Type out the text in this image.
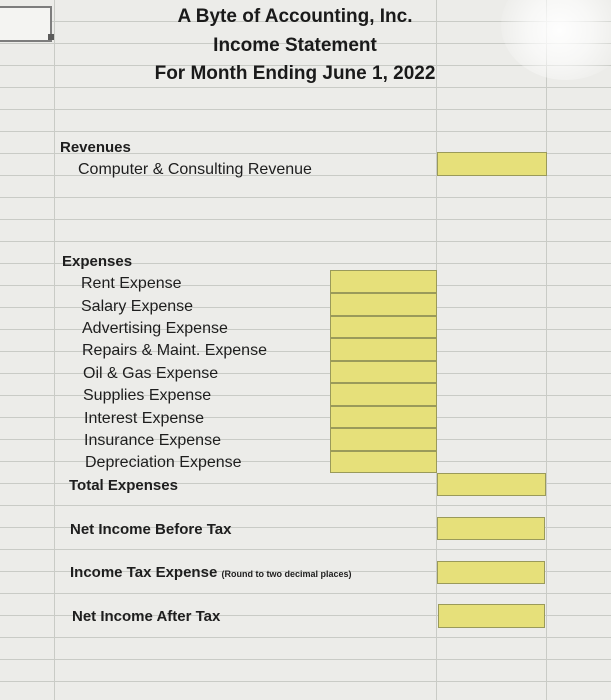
A Byte of Accounting, Inc.
Income Statement
For Month Ending June 1, 2022
Revenues
Computer & Consulting Revenue
Expenses
Rent Expense
Salary Expense
Advertising Expense
Repairs & Maint. Expense
Oil & Gas Expense
Supplies Expense
Interest Expense
Insurance Expense
Depreciation Expense
Total Expenses
Net Income Before Tax
Income Tax Expense (Round to two decimal places)
Net Income After Tax
